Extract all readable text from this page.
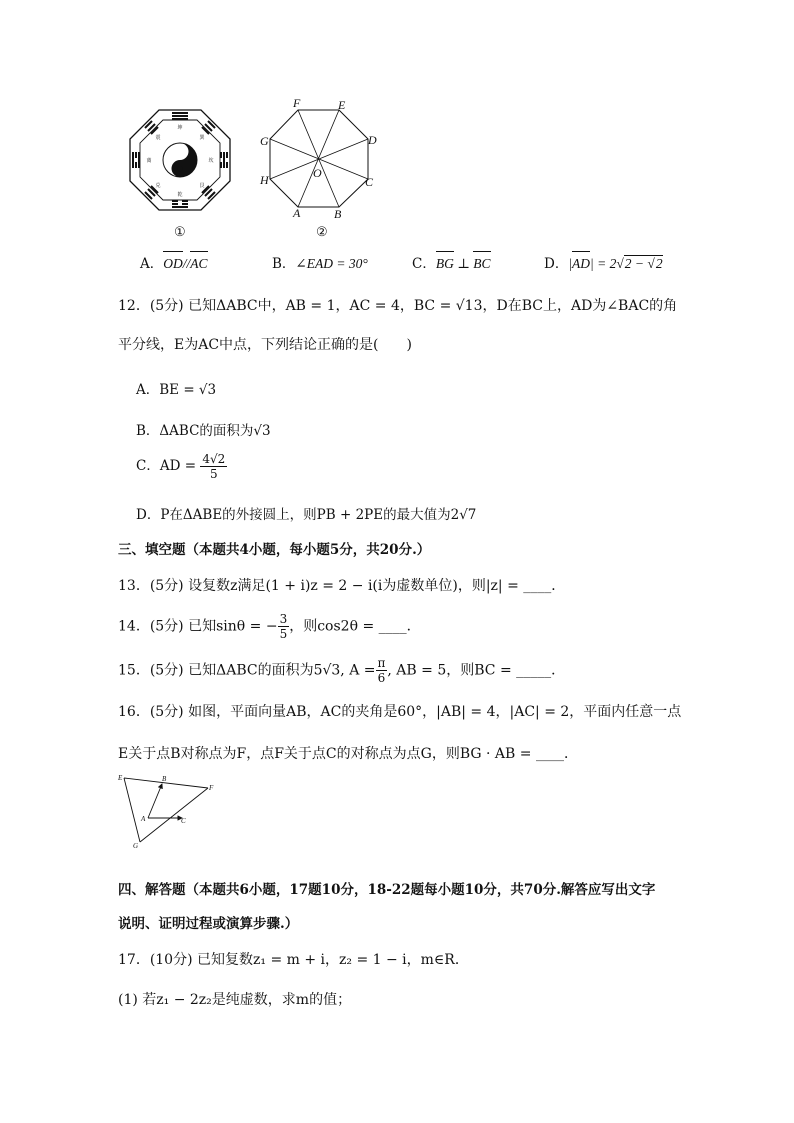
坤
乾
离	坎
震	巽
兑	艮
①
F	E
D
C
B
A
H
G
O
②
A．OD//AC	B．∠EAD = 30°	C．BG ⊥ BC	D．|AD| = 2√2 − √2
12．(5分) 已知ΔABC中，AB = 1，AC = 4，BC = √13，D在BC上，AD为∠BAC的角
平分线，E为AC中点，下列结论正确的是(　　)
A．BE = √3
B．ΔABC的面积为√3
C．AD = $\frac{4√2}{5}$
D．P在ΔABE的外接圆上，则PB + 2PE的最大值为2√7
三、填空题（本题共4小题，每小题5分，共20分.）
13．(5分) 设复数z满足(1 + i)z = 2 − i(i为虚数单位)，则|z| = ____．
14．(5分) 已知sinθ = − $\frac{3}{5}$ ，则cos2θ = ____．
15．(5分) 已知ΔABC的面积为5√3, $A = \frac{\pi}{6}$ , AB = 5，则BC = _____．
16．(5分) 如图，平面向量AB，AC的夹角是60°，|AB| = 4，|AC| = 2，平面内任意一点
E关于点B对称点为F，点F关于点C的对称点为点G，则BG · AB = ____．
E	B
F
A	C
G
四、解答题（本题共6小题，17题10分，18-22题每小题10分，共70分.解答应写出文字
说明、证明过程或演算步骤.）
17．(10分) 已知复数z₁ = m + i，z₂ = 1 − i，m∈R．
(1) 若z₁ − 2z₂是纯虚数，求m的值；
